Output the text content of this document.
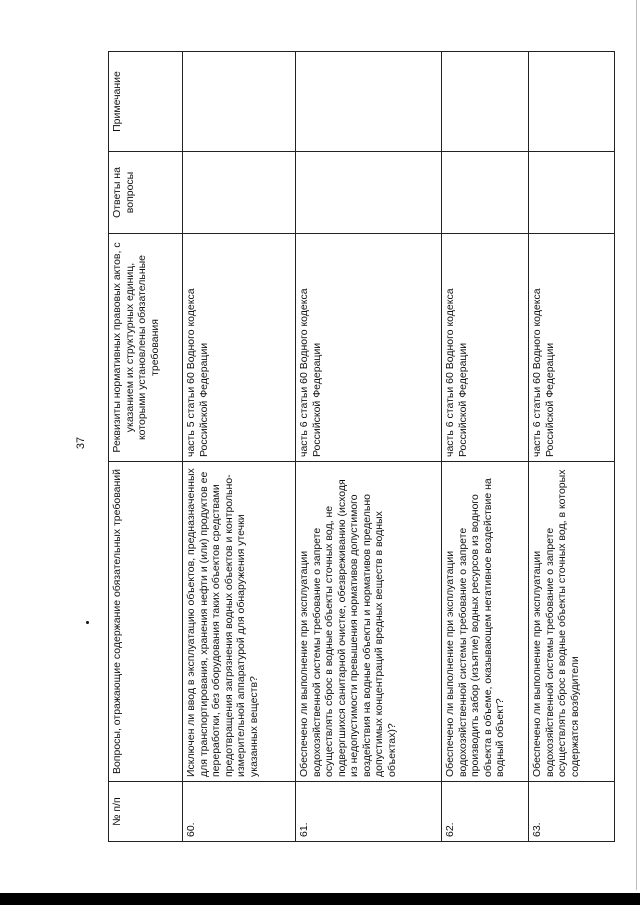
37
№ п/п	Вопросы, отражающие содержание обязательных требований	Реквизиты нормативных правовых актов, с указанием их структурных единиц, которыми установлены обязательные требования	Ответы на вопросы	Примечание
60.	Исключен ли ввод в эксплуатацию объектов, предназначенных для транспортирования, хранения нефти и (или) продуктов ее переработки, без оборудования таких объектов средствами предотвращения загрязнения водных объектов и контрольно-измерительной аппаратурой для обнаружения утечки указанных веществ?	часть 5 статьи 60 Водного кодекса Российской Федерации		
61.	Обеспечено ли выполнение при эксплуатации водохозяйственной системы требование о запрете осуществлять сброс в водные объекты сточных вод, не подвергшихся санитарной очистке, обезвреживанию (исходя из недопустимости превышения нормативов допустимого воздействия на водные объекты и нормативов предельно допустимых концентраций вредных веществ в водных объектах)?	часть 6 статьи 60 Водного кодекса Российской Федерации		
62.	Обеспечено ли выполнение при эксплуатации водохозяйственной системы требование о запрете производить забор (изъятие) водных ресурсов из водного объекта в объеме, оказывающем негативное воздействие на водный объект?	часть 6 статьи 60 Водного кодекса Российской Федерации		
63.	Обеспечено ли выполнение при эксплуатации водохозяйственной системы требование о запрете осуществлять сброс в водные объекты сточных вод, в которых содержатся возбудители	часть 6 статьи 60 Водного кодекса Российской Федерации		
